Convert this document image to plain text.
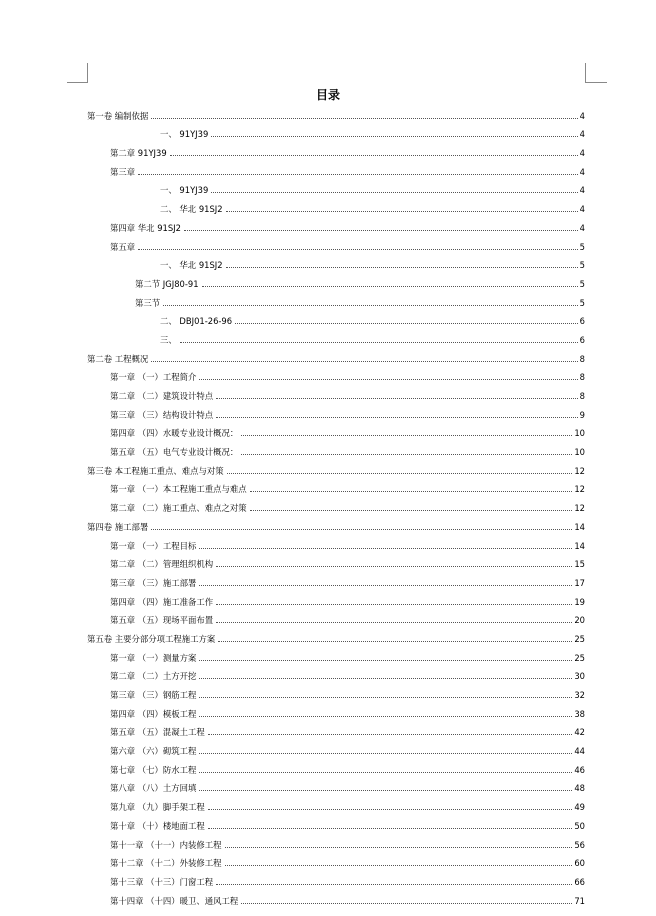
目录
第一卷 编制依据	4
一、 91YJ39	4
第二章 91YJ39	4
第三章	4
一、 91YJ39	4
二、 华北 91SJ2	4
第四章 华北 91SJ2	4
第五章	5
一、 华北 91SJ2	5
第二节 JGJ80-91	5
第三节	5
二、 DBJ01-26-96	6
三、	6
第二卷 工程概况	8
第一章 （一）工程简介	8
第二章 （二）建筑设计特点	8
第三章 （三）结构设计特点	9
第四章 （四）水暖专业设计概况：	10
第五章 （五）电气专业设计概况：	10
第三卷 本工程施工重点、难点与对策	12
第一章 （一）本工程施工重点与难点	12
第二章 （二）施工重点、难点之对策	12
第四卷 施工部署	14
第一章 （一）工程目标	14
第二章 （二）管理组织机构	15
第三章 （三）施工部署	17
第四章 （四）施工准备工作	19
第五章 （五）现场平面布置	20
第五卷 主要分部分项工程施工方案	25
第一章 （一）测量方案	25
第二章 （二）土方开挖	30
第三章 （三）钢筋工程	32
第四章 （四）模板工程	38
第五章 （五）混凝土工程	42
第六章 （六）砌筑工程	44
第七章 （七）防水工程	46
第八章 （八）土方回填	48
第九章 （九）脚手架工程	49
第十章 （十）楼地面工程	50
第十一章 （十一）内装修工程	56
第十二章 （十二）外装修工程	60
第十三章 （十三）门窗工程	66
第十四章 （十四）暖卫、通风工程	71
